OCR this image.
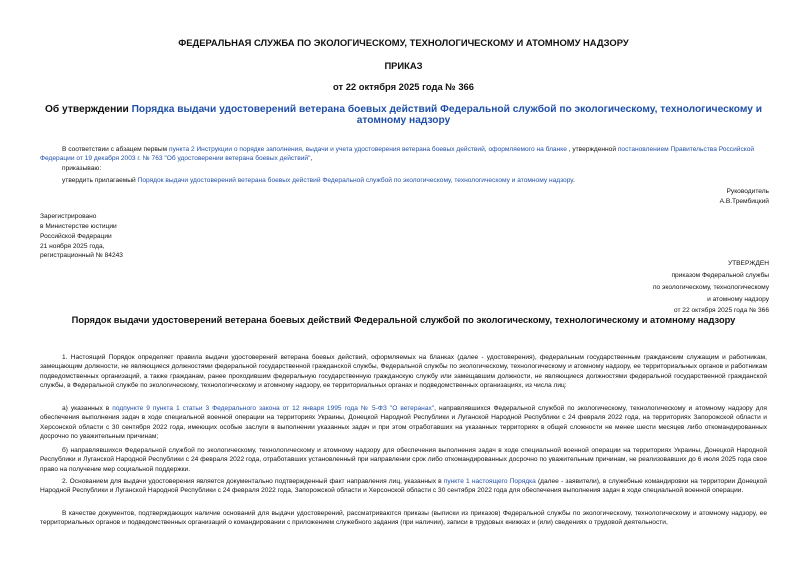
ФЕДЕРАЛЬНАЯ СЛУЖБА ПО ЭКОЛОГИЧЕСКОМУ, ТЕХНОЛОГИЧЕСКОМУ И АТОМНОМУ НАДЗОРУ
ПРИКАЗ
от 22 октября 2025 года № 366
Об утверждении Порядка выдачи удостоверений ветерана боевых действий Федеральной службой по экологическому, технологическому и атомному надзору
В соответствии с абзацем первым пункта 2 Инструкции о порядке заполнения, выдачи и учета удостоверения ветерана боевых действий, оформляемого на бланке , утвержденной постановлением Правительства Российской Федерации от 19 декабря 2003 г. № 763 "Об удостоверении ветерана боевых действий",
приказываю:
утвердить прилагаемый Порядок выдачи удостоверений ветерана боевых действий Федеральной службой по экологическому, технологическому и атомному надзору.
Руководитель
А.В.Трембицкий
Зарегистрировано
в Министерстве юстиции
Российской Федерации
21 ноября 2025 года,
регистрационный № 84243
УТВЕРЖДЕН
приказом Федеральной службы
по экологическому, технологическому
и атомному надзору
от 22 октября 2025 года № 366
Порядок выдачи удостоверений ветерана боевых действий Федеральной службой по экологическому, технологическому и атомному надзору
1. Настоящий Порядок определяет правила выдачи удостоверений ветерана боевых действий, оформляемых на бланках (далее - удостоверения), федеральным государственным гражданским служащим и работникам, замещающим должности, не являющиеся должностями федеральной государственной гражданской службы, Федеральной службы по экологическому, технологическому и атомному надзору, ее территориальных органов и работникам подведомственных организаций, а также гражданам, ранее проходившим федеральную государственную гражданскую службу или замещавшим должности, не являющиеся должностями федеральной государственной гражданской службы, в Федеральной службе по экологическому, технологическому и атомному надзору, ее территориальных органах и подведомственных организациях, из числа лиц:
а) указанных в подпункте 9 пункта 1 статьи 3 Федерального закона от 12 января 1995 года № 5-ФЗ "О ветеранах", направлявшихся Федеральной службой по экологическому, технологическому и атомному надзору для обеспечения выполнения задач в ходе специальной военной операции на территориях Украины, Донецкой Народной Республики и Луганской Народной Республики с 24 февраля 2022 года, на территориях Запорожской области и Херсонской области с 30 сентября 2022 года, имеющих особые заслуги в выполнении указанных задач и при этом отработавших на указанных территориях в общей сложности не менее шести месяцев либо откомандированных досрочно по уважительным причинам;
б) направлявшихся Федеральной службой по экологическому, технологическому и атомному надзору для обеспечения выполнения задач в ходе специальной военной операции на территориях Украины, Донецкой Народной Республики и Луганской Народной Республики с 24 февраля 2022 года, отработавших установленный при направлении срок либо откомандированных досрочно по уважительным причинам, не реализовавших до 6 июля 2025 года свое право на получение мер социальной поддержки.
2. Основанием для выдачи удостоверения является документально подтвержденный факт направления лиц, указанных в пункте 1 настоящего Порядка (далее - заявители), в служебные командировки на территории Донецкой Народной Республики и Луганской Народной Республики с 24 февраля 2022 года, Запорожской области и Херсонской области с 30 сентября 2022 года для обеспечения выполнения задач в ходе специальной военной операции.
В качестве документов, подтверждающих наличие оснований для выдачи удостоверений, рассматриваются приказы (выписки из приказов) Федеральной службы по экологическому, технологическому и атомному надзору, ее территориальных органов и подведомственных организаций о командировании с приложением служебного задания (при наличии), записи в трудовых книжках и (или) сведениях о трудовой деятельности,
